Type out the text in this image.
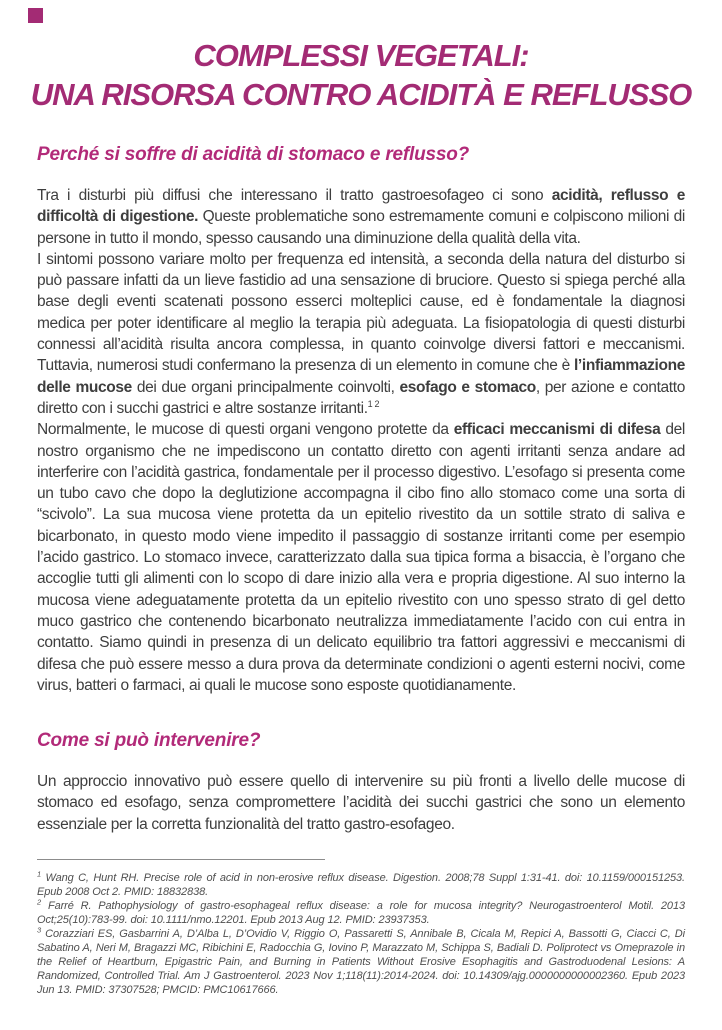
COMPLESSI VEGETALI:
UNA RISORSA CONTRO ACIDITÀ E REFLUSSO
Perché si soffre di acidità di stomaco e reflusso?

Tra i disturbi più diffusi che interessano il tratto gastroesofageo ci sono acidità, reflusso e difficoltà di digestione. Queste problematiche sono estremamente comuni e colpiscono milioni di persone in tutto il mondo, spesso causando una diminuzione della qualità della vita.

I sintomi possono variare molto per frequenza ed intensità, a seconda della natura del disturbo si può passare infatti da un lieve fastidio ad una sensazione di bruciore. Questo si spiega perché alla base degli eventi scatenati possono esserci molteplici cause, ed è fondamentale la diagnosi medica per poter identificare al meglio la terapia più adeguata. La fisiopatologia di questi disturbi connessi all’acidità risulta ancora complessa, in quanto coinvolge diversi fattori e meccanismi. Tuttavia, numerosi studi confermano la presenza di un elemento in comune che è l’infiammazione delle mucose dei due organi principalmente coinvolti, esofago e stomaco, per azione e contatto diretto con i succhi gastrici e altre sostanze irritanti.$^{1 2}$

Normalmente, le mucose di questi organi vengono protette da efficaci meccanismi di difesa del nostro organismo che ne impediscono un contatto diretto con agenti irritanti senza andare ad interferire con l’acidità gastrica, fondamentale per il processo digestivo. L’esofago si presenta come un tubo cavo che dopo la deglutizione accompagna il cibo fino allo stomaco come una sorta di “scivolo”. La sua mucosa viene protetta da un epitelio rivestito da un sottile strato di saliva e bicarbonato, in questo modo viene impedito il passaggio di sostanze irritanti come per esempio l’acido gastrico. Lo stomaco invece, caratterizzato dalla sua tipica forma a bisaccia, è l’organo che accoglie tutti gli alimenti con lo scopo di dare inizio alla vera e propria digestione. Al suo interno la mucosa viene adeguatamente protetta da un epitelio rivestito con uno spesso strato di gel detto muco gastrico che contenendo bicarbonato neutralizza immediatamente l’acido con cui entra in contatto. Siamo quindi in presenza di un delicato equilibrio tra fattori aggressivi e meccanismi di difesa che può essere messo a dura prova da determinate condizioni o agenti esterni nocivi, come virus, batteri o farmaci, ai quali le mucose sono esposte quotidianamente.

Come si può intervenire?

Un approccio innovativo può essere quello di intervenire su più fronti a livello delle mucose di stomaco ed esofago, senza compromettere l’acidità dei succhi gastrici che sono un elemento essenziale per la corretta funzionalità del tratto gastro-esofageo.

$^1$ Wang C, Hunt RH. Precise role of acid in non-erosive reflux disease. Digestion. 2008;78 Suppl 1:31-41. doi: 10.1159/000151253. Epub 2008 Oct 2. PMID: 18832838.

$^2$ Farré R. Pathophysiology of gastro-esophageal reflux disease: a role for mucosa integrity? Neurogastroenterol Motil. 2013 Oct;25(10):783-99. doi: 10.1111/nmo.12201. Epub 2013 Aug 12. PMID: 23937353.

$^3$ Corazziari ES, Gasbarrini A, D’Alba L, D’Ovidio V, Riggio O, Passaretti S, Annibale B, Cicala M, Repici A, Bassotti G, Ciacci C, Di Sabatino A, Neri M, Bragazzi MC, Ribichini E, Radocchia G, Iovino P, Marazzato M, Schippa S, Badiali D. Poliprotect vs Omeprazole in the Relief of Heartburn, Epigastric Pain, and Burning in Patients Without Erosive Esophagitis and Gastroduodenal Lesions: A Randomized, Controlled Trial. Am J Gastroenterol. 2023 Nov 1;118(11):2014-2024. doi: 10.14309/ajg.0000000000002360. Epub 2023 Jun 13. PMID: 37307528; PMCID: PMC10617666.
